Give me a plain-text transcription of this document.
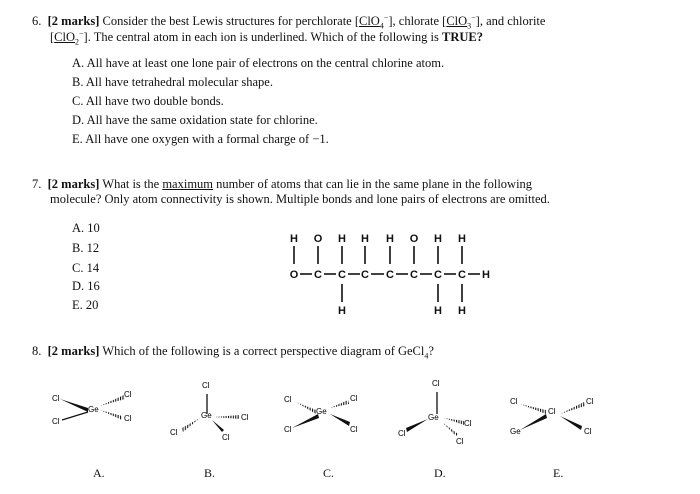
6. [2 marks] Consider the best Lewis structures for perchlorate [ClO$_4$−], chlorate [ClO$_3$−], and chlorite
[ClO$_2$−]. The central atom in each ion is underlined. Which of the following is TRUE?
A. All have at least one lone pair of electrons on the central chlorine atom.
B. All have tetrahedral molecular shape.
C. All have two double bonds.
D. All have the same oxidation state for chlorine.
E. All have one oxygen with a formal charge of −1.
7. [2 marks] What is the maximum number of atoms that can lie in the same plane in the following
molecule? Only atom connectivity is shown. Multiple bonds and lone pairs of electrons are omitted.
A. 10
B. 12
C. 14
D. 16
E. 20
H O H H H O H H
O C C C C C C C H
H	H H
8. [2 marks] Which of the following is a correct perspective diagram of GeCl$_4$?
Cl
Cl
Ge
Cl
Cl
Cl
Ge
Cl
Cl
Cl
Cl
Ge
Cl
Cl
Cl
Cl
Ge
Cl
Cl
Cl
Cl
Ge
Cl
Cl
Cl
A.	B.	C.	D.	E.
